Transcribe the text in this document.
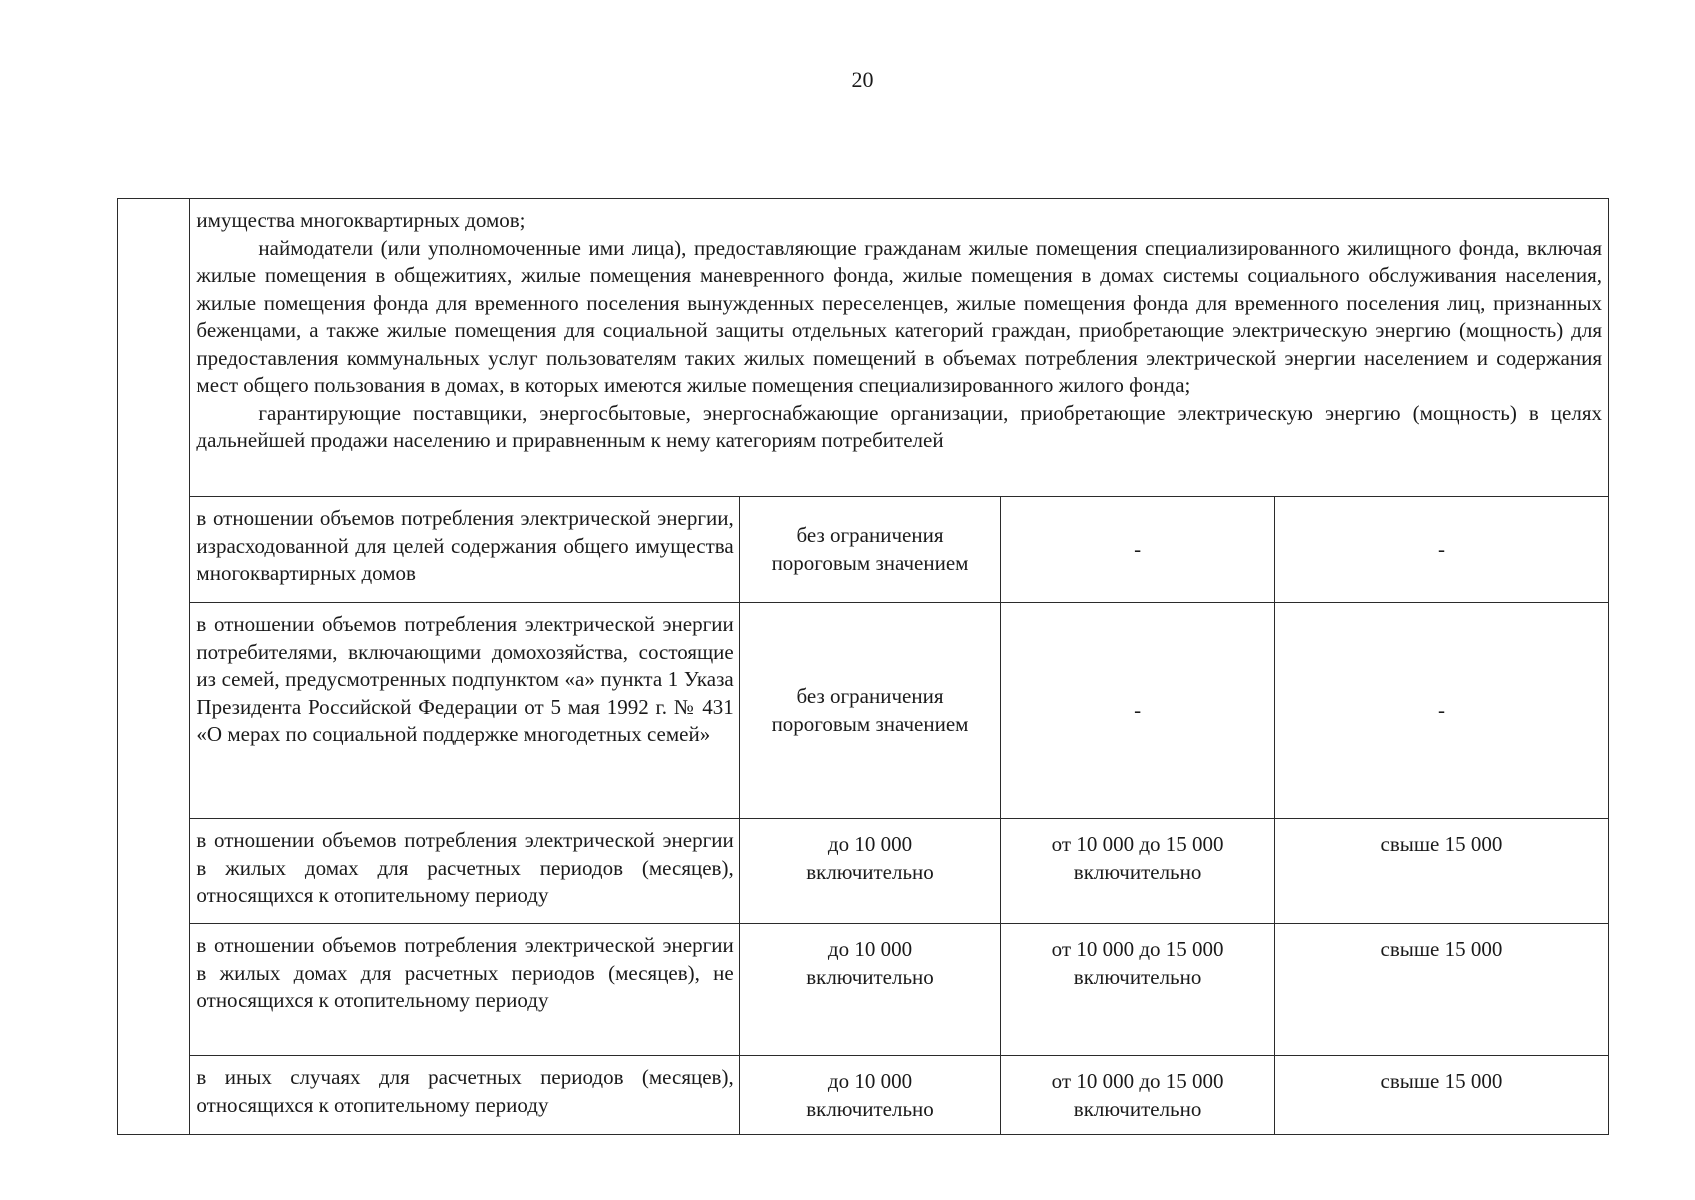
20

	имущества многоквартирных домов;

наймодатели (или уполномоченные ими лица), предоставляющие гражданам жилые помещения специализированного жилищного фонда, включая жилые помещения в общежитиях, жилые помещения маневренного фонда, жилые помещения в домах системы социального обслуживания населения, жилые помещения фонда для временного поселения вынужденных переселенцев, жилые помещения фонда для временного поселения лиц, признанных беженцами, а также жилые помещения для социальной защиты отдельных категорий граждан, приобретающие электрическую энергию (мощность) для предоставления коммунальных услуг пользователям таких жилых помещений в объемах потребления электрической энергии населением и содержания мест общего пользования в домах, в которых имеются жилые помещения специализированного жилого фонда;

гарантирующие поставщики, энергосбытовые, энергоснабжающие организации, приобретающие электрическую энергию (мощность) в целях дальнейшей продажи населению и приравненным к нему категориям потребителей			

	в отношении объемов потребления электрической энергии, израсходованной для целей содержания общего имущества многоквартирных домов	без ограничения
пороговым значением	-	-

	в отношении объемов потребления электрической энергии потребителями, включающими домохозяйства, состоящие из семей, предусмотренных подпунктом «а» пункта 1 Указа Президента Российской Федерации от 5 мая 1992 г. № 431 «О мерах по социальной поддержке многодетных семей»	без ограничения
пороговым значением	-	-

	в отношении объемов потребления электрической энергии в жилых домах для расчетных периодов (месяцев), относящихся к отопительному периоду	до 10 000
включительно	от 10 000 до 15 000
включительно	свыше 15 000

	в отношении объемов потребления электрической энергии в жилых домах для расчетных периодов (месяцев), не относящихся к отопительному периоду	до 10 000
включительно	от 10 000 до 15 000
включительно	свыше 15 000

	в иных случаях для расчетных периодов (месяцев), относящихся к отопительному периоду	до 10 000
включительно	от 10 000 до 15 000
включительно	свыше 15 000
